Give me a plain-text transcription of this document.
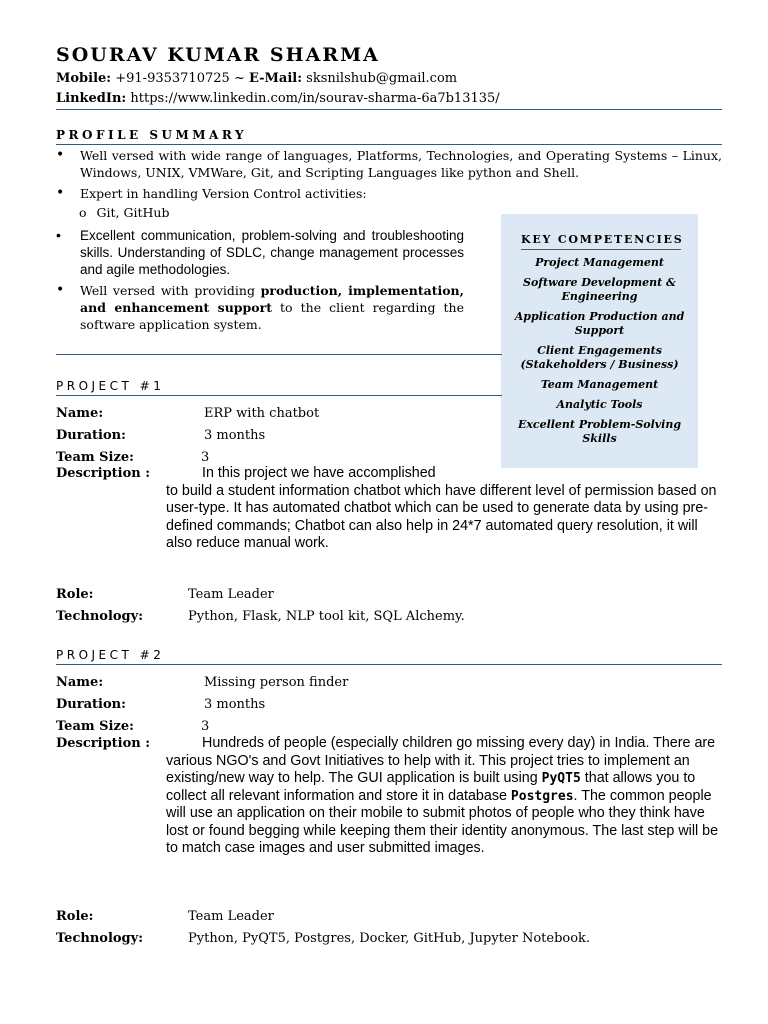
SOURAV KUMAR SHARMA
Mobile: +91-9353710725 ~ E-Mail: sksnilshub@gmail.com
LinkedIn: https://www.linkedin.com/in/sourav-sharma-6a7b13135/
PROFILE SUMMARY
• Well versed with wide range of languages, Platforms, Technologies, and Operating Systems – Linux, Windows, UNIX, VMWare, Git, and Scripting Languages like python and Shell.
• Expert in handling Version Control activities:
o Git, GitHub
• Excellent communication, problem-solving and troubleshooting skills. Understanding of SDLC, change management processes and agile methodologies.
• Well versed with providing production, implementation, and enhancement support to the client regarding the software application system.
KEY COMPETENCIES
Project Management
Software Development & Engineering
Application Production and Support
Client Engagements (Stakeholders / Business)
Team Management
Analytic Tools
Excellent Problem-Solving Skills
PROJECT #1
Name:	ERP with chatbot
Duration:	3 months
Team Size:	3
Description :	In this project we have accomplished
to build a student information chatbot which have different level of permission based on user-type. It has automated chatbot which can be used to generate data by using pre-defined commands; Chatbot can also help in 24*7 automated query resolution, it will also reduce manual work.
Role:	Team Leader
Technology:	Python, Flask, NLP tool kit, SQL Alchemy.
PROJECT #2
Name:	Missing person finder
Duration:	3 months
Team Size:	3
Description :	Hundreds of people (especially children go missing every day) in India. There are various NGO's and Govt Initiatives to help with it. This project tries to implement an existing/new way to help. The GUI application is built using PyQT5 that allows you to collect all relevant information and store it in database Postgres. The common people will use an application on their mobile to submit photos of people who they think have lost or found begging while keeping them their identity anonymous. The last step will be to match case images and user submitted images.
Role:	Team Leader
Technology:	Python, PyQT5, Postgres, Docker, GitHub, Jupyter Notebook.
